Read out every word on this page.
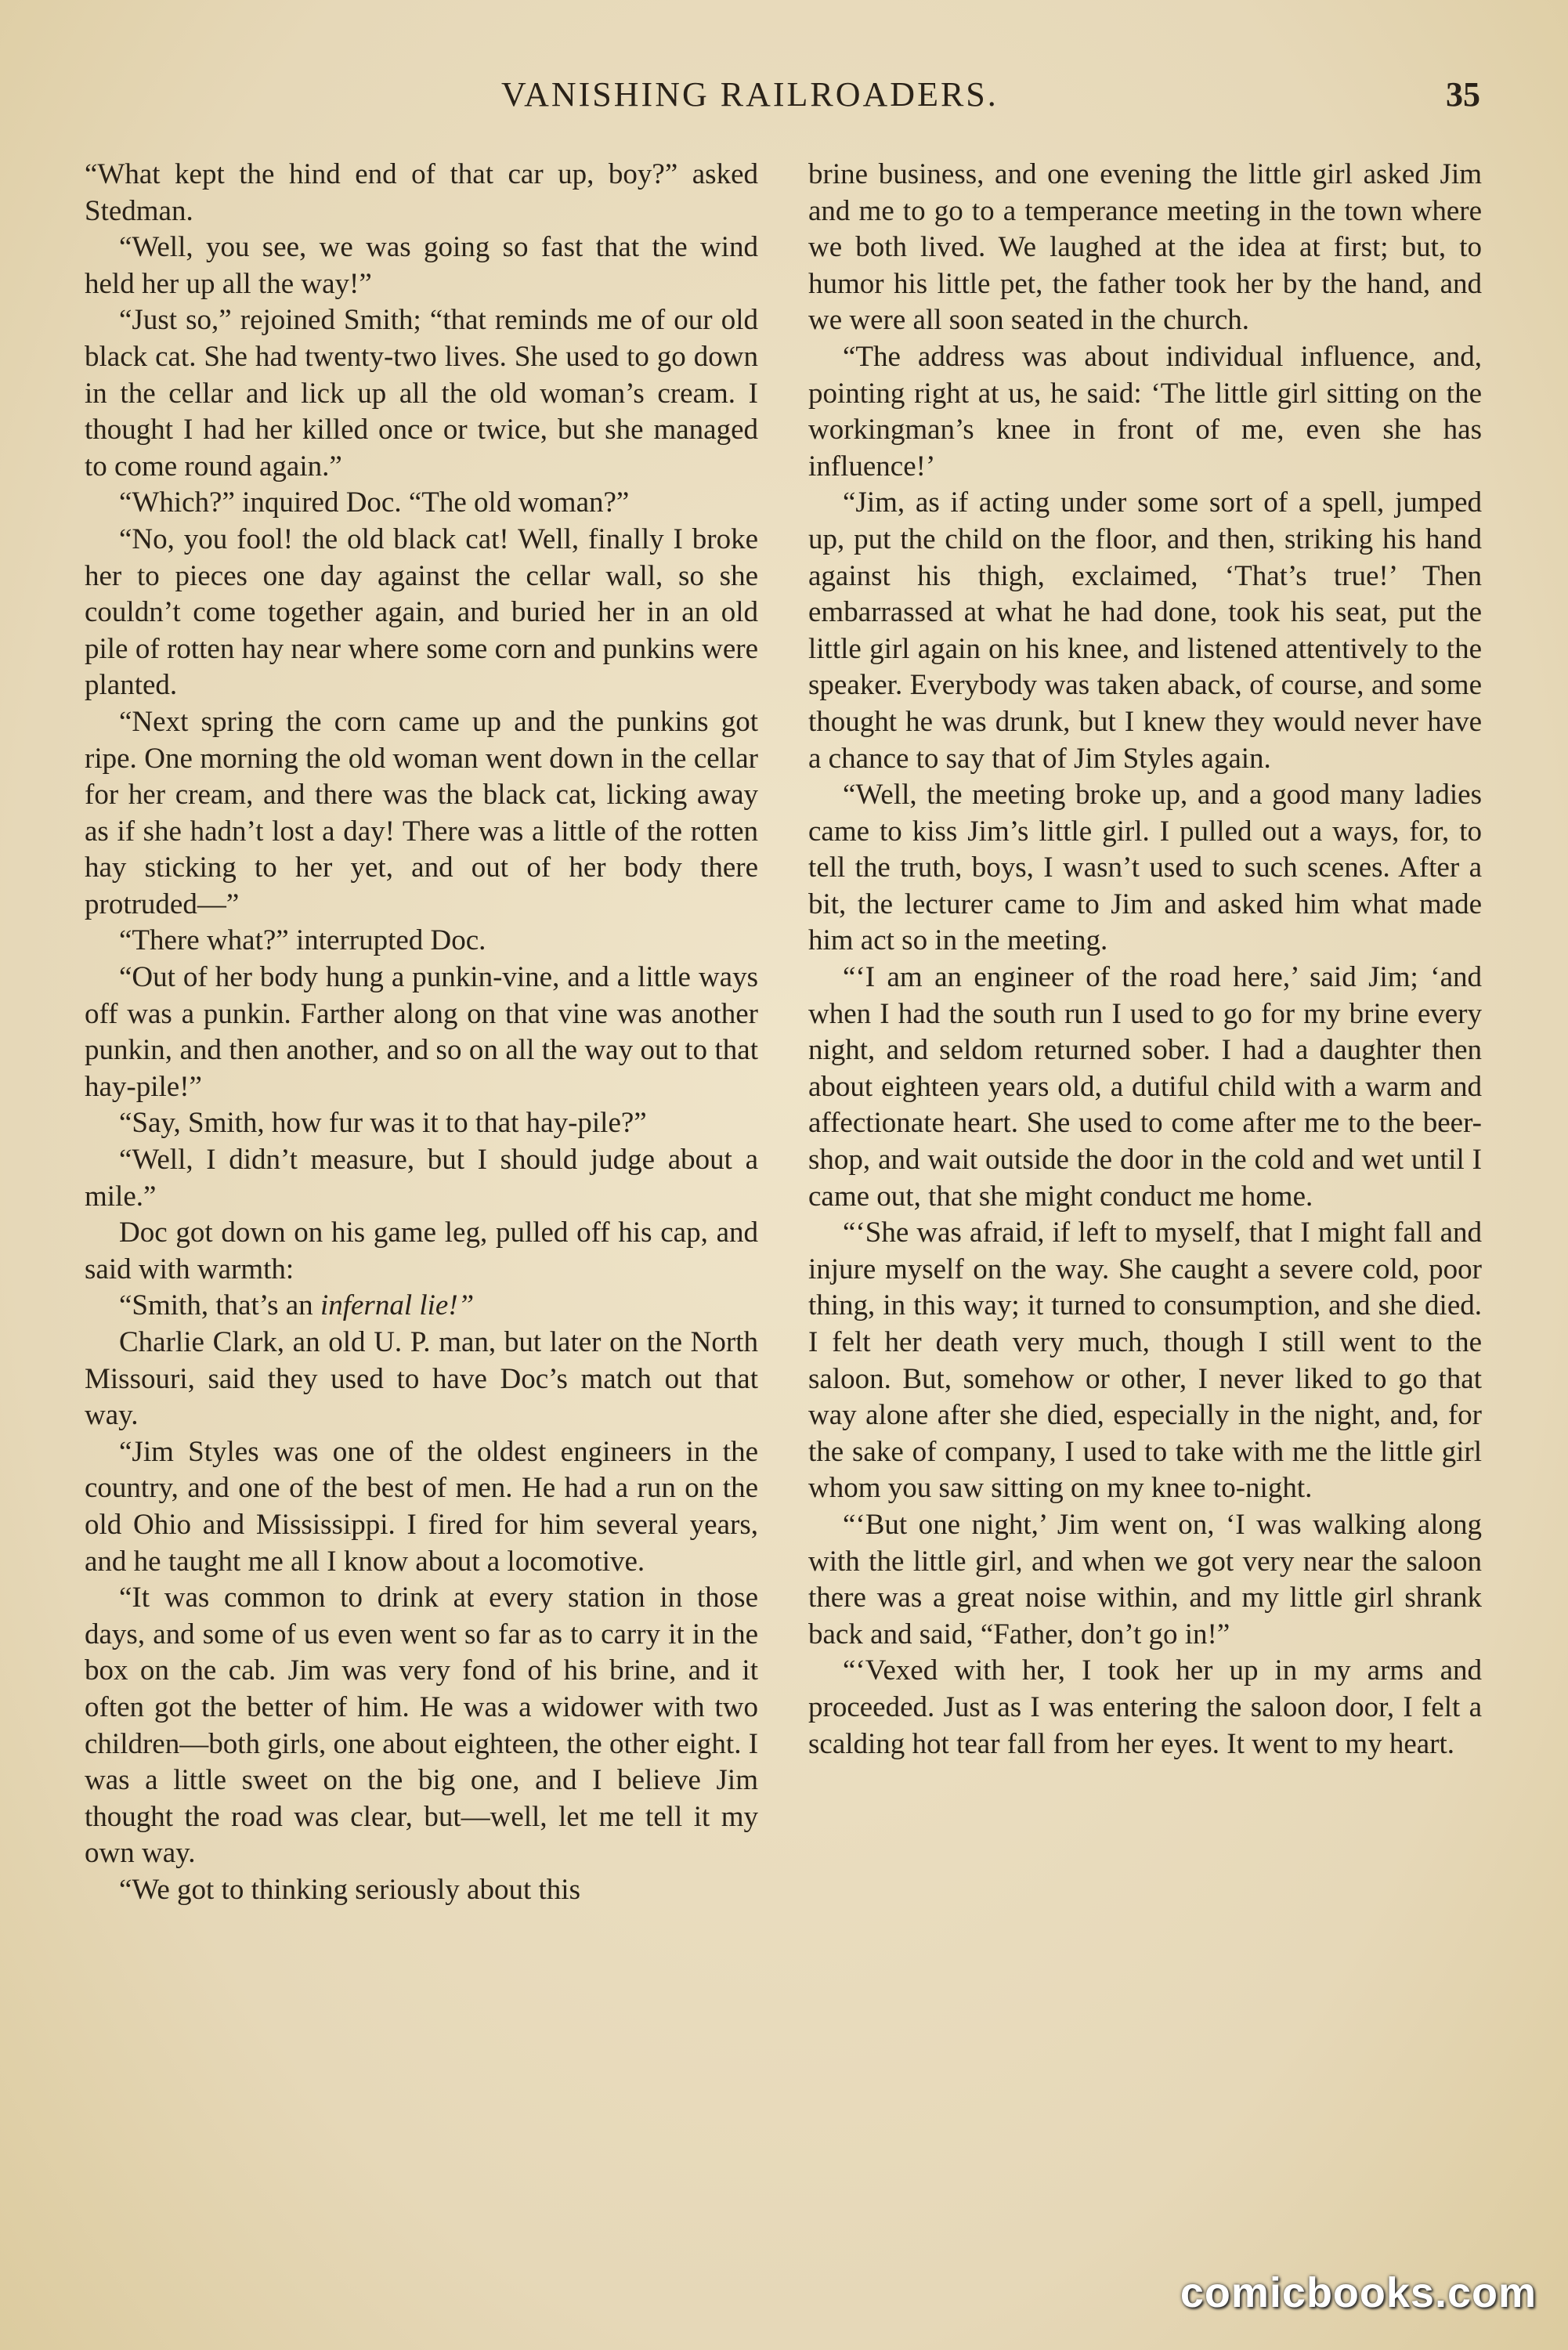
VANISHING RAILROADERS.	35

“What kept the hind end of that car up, boy?” asked Stedman.

“Well, you see, we was going so fast that the wind held her up all the way!”

“Just so,” rejoined Smith; “that reminds me of our old black cat. She had twenty-two lives. She used to go down in the cellar and lick up all the old woman’s cream. I thought I had her killed once or twice, but she managed to come round again.”

“Which?” inquired Doc. “The old woman?”

“No, you fool! the old black cat! Well, finally I broke her to pieces one day against the cellar wall, so she couldn’t come together again, and buried her in an old pile of rotten hay near where some corn and punkins were planted.

“Next spring the corn came up and the punkins got ripe. One morning the old woman went down in the cellar for her cream, and there was the black cat, licking away as if she hadn’t lost a day! There was a little of the rotten hay sticking to her yet, and out of her body there protruded—”

“There what?” interrupted Doc.

“Out of her body hung a punkin-vine, and a little ways off was a punkin. Farther along on that vine was another punkin, and then another, and so on all the way out to that hay-pile!”

“Say, Smith, how fur was it to that hay-pile?”

“Well, I didn’t measure, but I should judge about a mile.”

Doc got down on his game leg, pulled off his cap, and said with warmth:

“Smith, that’s an infernal lie!”

Charlie Clark, an old U. P. man, but later on the North Missouri, said they used to have Doc’s match out that way.

“Jim Styles was one of the oldest engineers in the country, and one of the best of men. He had a run on the old Ohio and Mississippi. I fired for him several years, and he taught me all I know about a locomotive.

“It was common to drink at every station in those days, and some of us even went so far as to carry it in the box on the cab. Jim was very fond of his brine, and it often got the better of him. He was a widower with two children—both girls, one about eighteen, the other eight. I was a little sweet on the big one, and I believe Jim thought the road was clear, but—well, let me tell it my own way.

“We got to thinking seriously about this

brine business, and one evening the little girl asked Jim and me to go to a temperance meeting in the town where we both lived. We laughed at the idea at first; but, to humor his little pet, the father took her by the hand, and we were all soon seated in the church.

“The address was about individual influence, and, pointing right at us, he said: ‘The little girl sitting on the workingman’s knee in front of me, even she has influence!’

“Jim, as if acting under some sort of a spell, jumped up, put the child on the floor, and then, striking his hand against his thigh, exclaimed, ‘That’s true!’ Then embarrassed at what he had done, took his seat, put the little girl again on his knee, and listened attentively to the speaker. Everybody was taken aback, of course, and some thought he was drunk, but I knew they would never have a chance to say that of Jim Styles again.

“Well, the meeting broke up, and a good many ladies came to kiss Jim’s little girl. I pulled out a ways, for, to tell the truth, boys, I wasn’t used to such scenes. After a bit, the lecturer came to Jim and asked him what made him act so in the meeting.

“‘I am an engineer of the road here,’ said Jim; ‘and when I had the south run I used to go for my brine every night, and seldom returned sober. I had a daughter then about eighteen years old, a dutiful child with a warm and affectionate heart. She used to come after me to the beer-shop, and wait outside the door in the cold and wet until I came out, that she might conduct me home.

“‘She was afraid, if left to myself, that I might fall and injure myself on the way. She caught a severe cold, poor thing, in this way; it turned to consumption, and she died. I felt her death very much, though I still went to the saloon. But, somehow or other, I never liked to go that way alone after she died, especially in the night, and, for the sake of company, I used to take with me the little girl whom you saw sitting on my knee to-night.

“‘But one night,’ Jim went on, ‘I was walking along with the little girl, and when we got very near the saloon there was a great noise within, and my little girl shrank back and said, “Father, don’t go in!”

“‘Vexed with her, I took her up in my arms and proceeded. Just as I was entering the saloon door, I felt a scalding hot tear fall from her eyes. It went to my heart.

comicbooks.com
